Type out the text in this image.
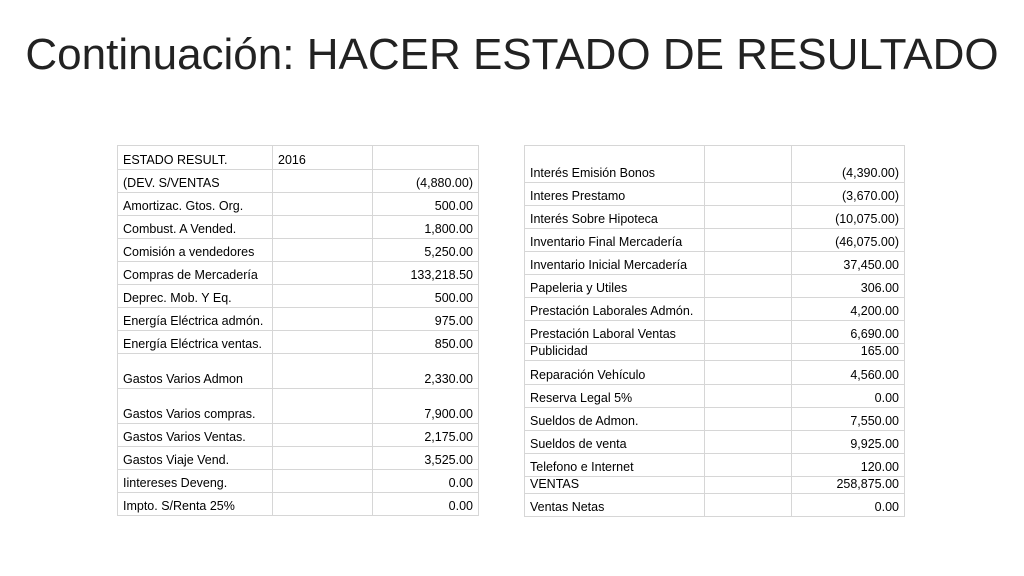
Continuación: HACER ESTADO DE RESULTADO
ESTADO RESULT.	2016	
(DEV. S/VENTAS		(4,880.00)
Amortizac. Gtos. Org.		500.00
Combust. A Vended.		1,800.00
Comisión a vendedores		5,250.00
Compras de Mercadería		133,218.50
Deprec. Mob. Y Eq.		500.00
Energía Eléctrica admón.		975.00
Energía Eléctrica ventas.		850.00
Gastos Varios Admon		2,330.00
Gastos Varios compras.		7,900.00
Gastos Varios Ventas.		2,175.00
Gastos Viaje Vend.		3,525.00
Iintereses Deveng.		0.00
Impto. S/Renta 25%		0.00
Interés Emisión Bonos		(4,390.00)
Interes Prestamo		(3,670.00)
Interés Sobre Hipoteca		(10,075.00)
Inventario Final Mercadería		(46,075.00)
Inventario Inicial Mercadería		37,450.00
Papeleria y Utiles		306.00
Prestación Laborales Admón.		4,200.00
Prestación Laboral Ventas		6,690.00
Publicidad		165.00
Reparación Vehículo		4,560.00
Reserva Legal 5%		0.00
Sueldos de Admon.		7,550.00
Sueldos de venta		9,925.00
Telefono e Internet		120.00
VENTAS		258,875.00
Ventas Netas		0.00
